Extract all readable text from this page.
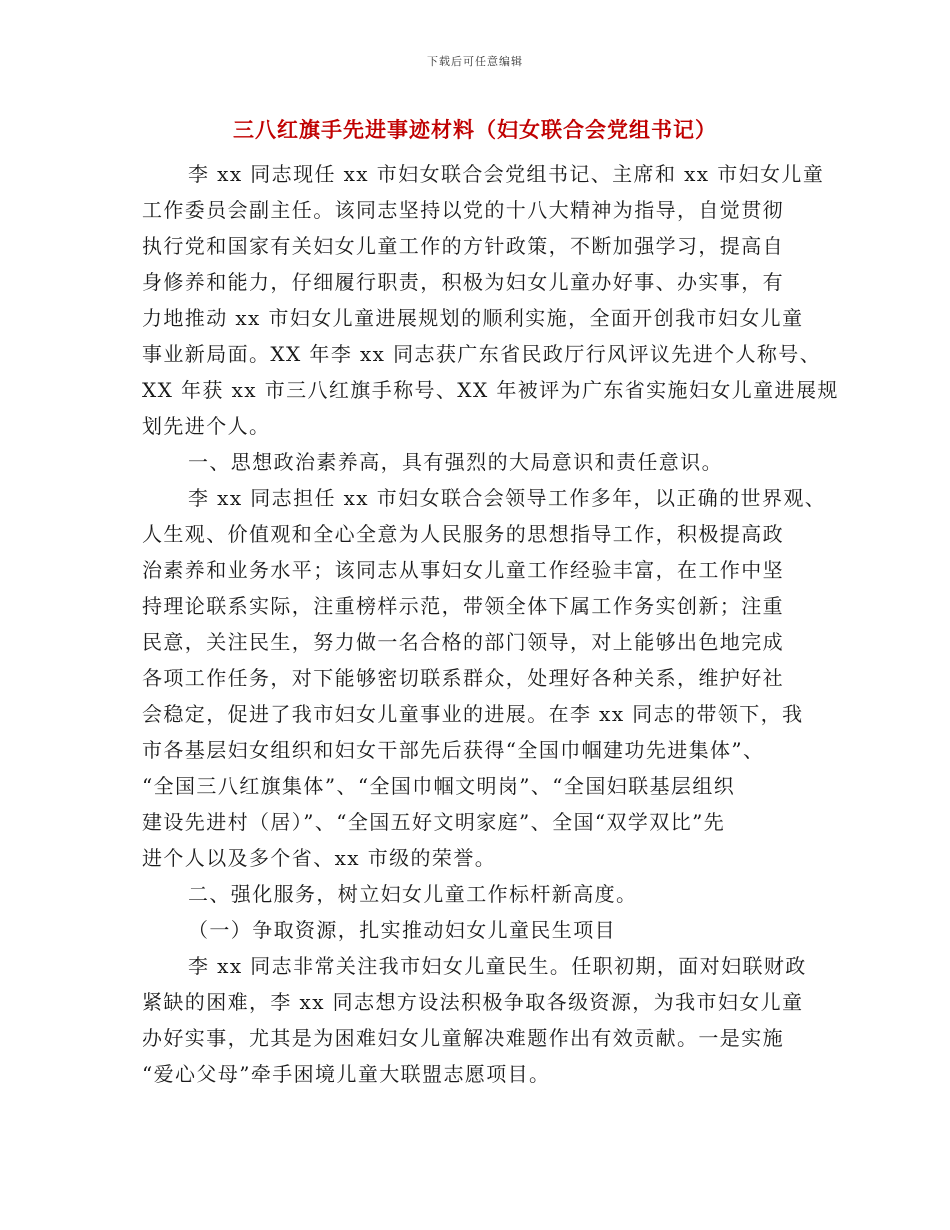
下载后可任意编辑
三八红旗手先进事迹材料（妇女联合会党组书记）
李 xx 同志现任 xx 市妇女联合会党组书记、主席和 xx 市妇女儿童
工作委员会副主任。该同志坚持以党的十八大精神为指导，自觉贯彻
执行党和国家有关妇女儿童工作的方针政策，不断加强学习，提高自
身修养和能力，仔细履行职责，积极为妇女儿童办好事、办实事，有
力地推动 xx 市妇女儿童进展规划的顺利实施，全面开创我市妇女儿童
事业新局面。XX 年李 xx 同志获广东省民政厅行风评议先进个人称号、
XX 年获 xx 市三八红旗手称号、XX 年被评为广东省实施妇女儿童进展规
划先进个人。
一、思想政治素养高，具有强烈的大局意识和责任意识。
李 xx 同志担任 xx 市妇女联合会领导工作多年，以正确的世界观、
人生观、价值观和全心全意为人民服务的思想指导工作，积极提高政
治素养和业务水平；该同志从事妇女儿童工作经验丰富，在工作中坚
持理论联系实际，注重榜样示范，带领全体下属工作务实创新；注重
民意，关注民生，努力做一名合格的部门领导，对上能够出色地完成
各项工作任务，对下能够密切联系群众，处理好各种关系，维护好社
会稳定，促进了我市妇女儿童事业的进展。在李 xx 同志的带领下，我
市各基层妇女组织和妇女干部先后获得“全国巾帼建功先进集体”、
“全国三八红旗集体”、“全国巾帼文明岗”、“全国妇联基层组织
建设先进村（居）”、“全国五好文明家庭”、全国“双学双比”先
进个人以及多个省、xx 市级的荣誉。
二、强化服务，树立妇女儿童工作标杆新高度。
（一）争取资源，扎实推动妇女儿童民生项目
李 xx 同志非常关注我市妇女儿童民生。任职初期，面对妇联财政
紧缺的困难，李 xx 同志想方设法积极争取各级资源，为我市妇女儿童
办好实事，尤其是为困难妇女儿童解决难题作出有效贡献。一是实施
“爱心父母”牵手困境儿童大联盟志愿项目。
